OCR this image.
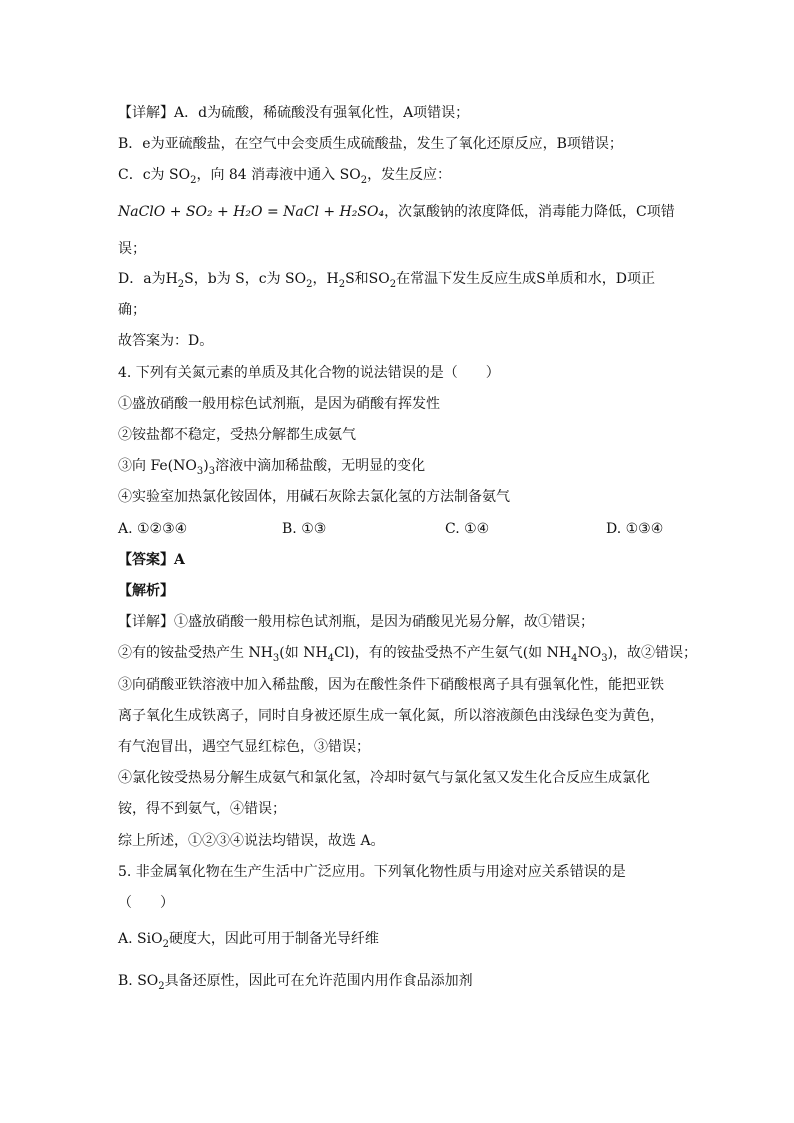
【详解】A．d为硫酸，稀硫酸没有强氧化性，A项错误；
B．e为亚硫酸盐，在空气中会变质生成硫酸盐，发生了氧化还原反应，B项错误；
C．c为 $SO_2$，向 84 消毒液中通入 $SO_2$，发生反应：
NaClO + SO₂ + H₂O = NaCl + H₂SO₄，次氯酸钠的浓度降低，消毒能力降低，C项错
误；
D．a为$H_2S$，b为 S，c为 $SO_2$，$H_2S$和$SO_2$在常温下发生反应生成S单质和水，D项正
确；
故答案为：D。
4. 下列有关氮元素的单质及其化合物的说法错误的是（　　）
①盛放硝酸一般用棕色试剂瓶，是因为硝酸有挥发性
②铵盐都不稳定，受热分解都生成氨气
③向 $Fe(NO_3)_3$溶液中滴加稀盐酸，无明显的变化
④实验室加热氯化铵固体，用碱石灰除去氯化氢的方法制备氨气
A. ①②③④	B. ①③	C. ①④	D. ①③④
【答案】A
【解析】
【详解】①盛放硝酸一般用棕色试剂瓶，是因为硝酸见光易分解，故①错误；
②有的铵盐受热产生 $NH_3$(如 $NH_4Cl$)，有的铵盐受热不产生氨气(如 $NH_4NO_3$)，故②错误；
③向硝酸亚铁溶液中加入稀盐酸，因为在酸性条件下硝酸根离子具有强氧化性，能把亚铁
离子氧化生成铁离子，同时自身被还原生成一氧化氮，所以溶液颜色由浅绿色变为黄色，
有气泡冒出，遇空气显红棕色，③错误；
④氯化铵受热易分解生成氨气和氯化氢，冷却时氨气与氯化氢又发生化合反应生成氯化
铵，得不到氨气，④错误；
综上所述，①②③④说法均错误，故选 A。
5. 非金属氧化物在生产生活中广泛应用。下列氧化物性质与用途对应关系错误的是
（　　）
A. SiO$_2$硬度大，因此可用于制备光导纤维
B. $SO_2$具备还原性，因此可在允许范围内用作食品添加剂
